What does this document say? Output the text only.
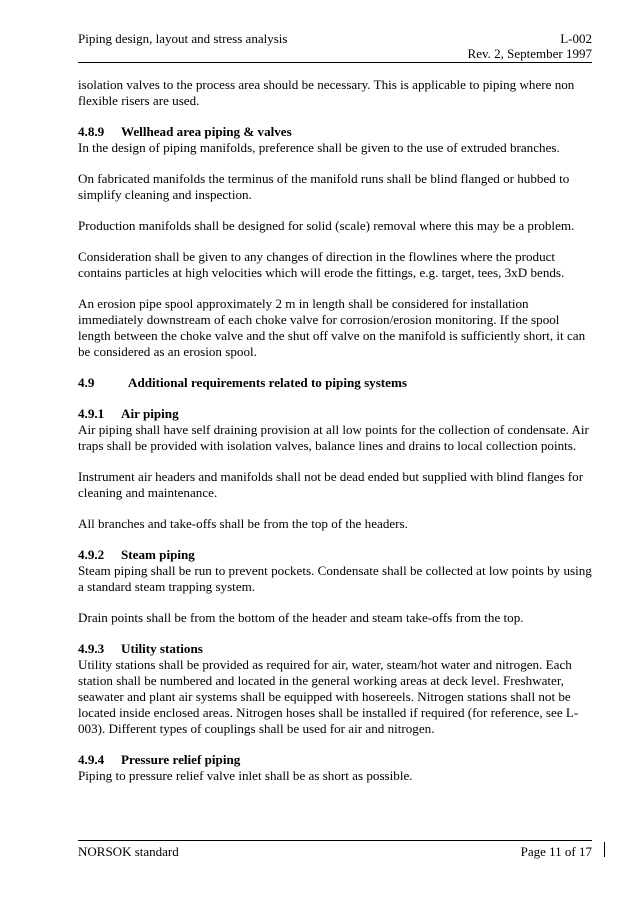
Piping design, layout and stress analysis	L-002
Rev. 2, September 1997

isolation valves to the process area should be necessary. This is applicable to piping where non flexible risers are used.

4.8.9 Wellhead area piping & valves

In the design of piping manifolds, preference shall be given to the use of extruded branches.

On fabricated manifolds the terminus of the manifold runs shall be blind flanged or hubbed to simplify cleaning and inspection.

Production manifolds shall be designed for solid (scale) removal where this may be a problem.

Consideration shall be given to any changes of direction in the flowlines where the product contains particles at high velocities which will erode the fittings, e.g. target, tees, 3xD bends.

An erosion pipe spool approximately 2 m in length shall be considered for installation immediately downstream of each choke valve for corrosion/erosion monitoring. If the spool length between the choke valve and the shut off valve on the manifold is sufficiently short, it can be considered as an erosion spool.

4.9	Additional requirements related to piping systems

4.9.1 Air piping

Air piping shall have self draining provision at all low points for the collection of condensate. Air traps shall be provided with isolation valves, balance lines and drains to local collection points.

Instrument air headers and manifolds shall not be dead ended but supplied with blind flanges for cleaning and maintenance.

All branches and take-offs shall be from the top of the headers.

4.9.2 Steam piping

Steam piping shall be run to prevent pockets. Condensate shall be collected at low points by using a standard steam trapping system.

Drain points shall be from the bottom of the header and steam take-offs from the top.

4.9.3 Utility stations

Utility stations shall be provided as required for air, water, steam/hot water and nitrogen. Each station shall be numbered and located in the general working areas at deck level. Freshwater, seawater and plant air systems shall be equipped with hosereels. Nitrogen stations shall not be located inside enclosed areas. Nitrogen hoses shall be installed if required (for reference, see L-003). Different types of couplings shall be used for air and nitrogen.

4.9.4 Pressure relief piping

Piping to pressure relief valve inlet shall be as short as possible.

NORSOK standard	Page 11 of 17
